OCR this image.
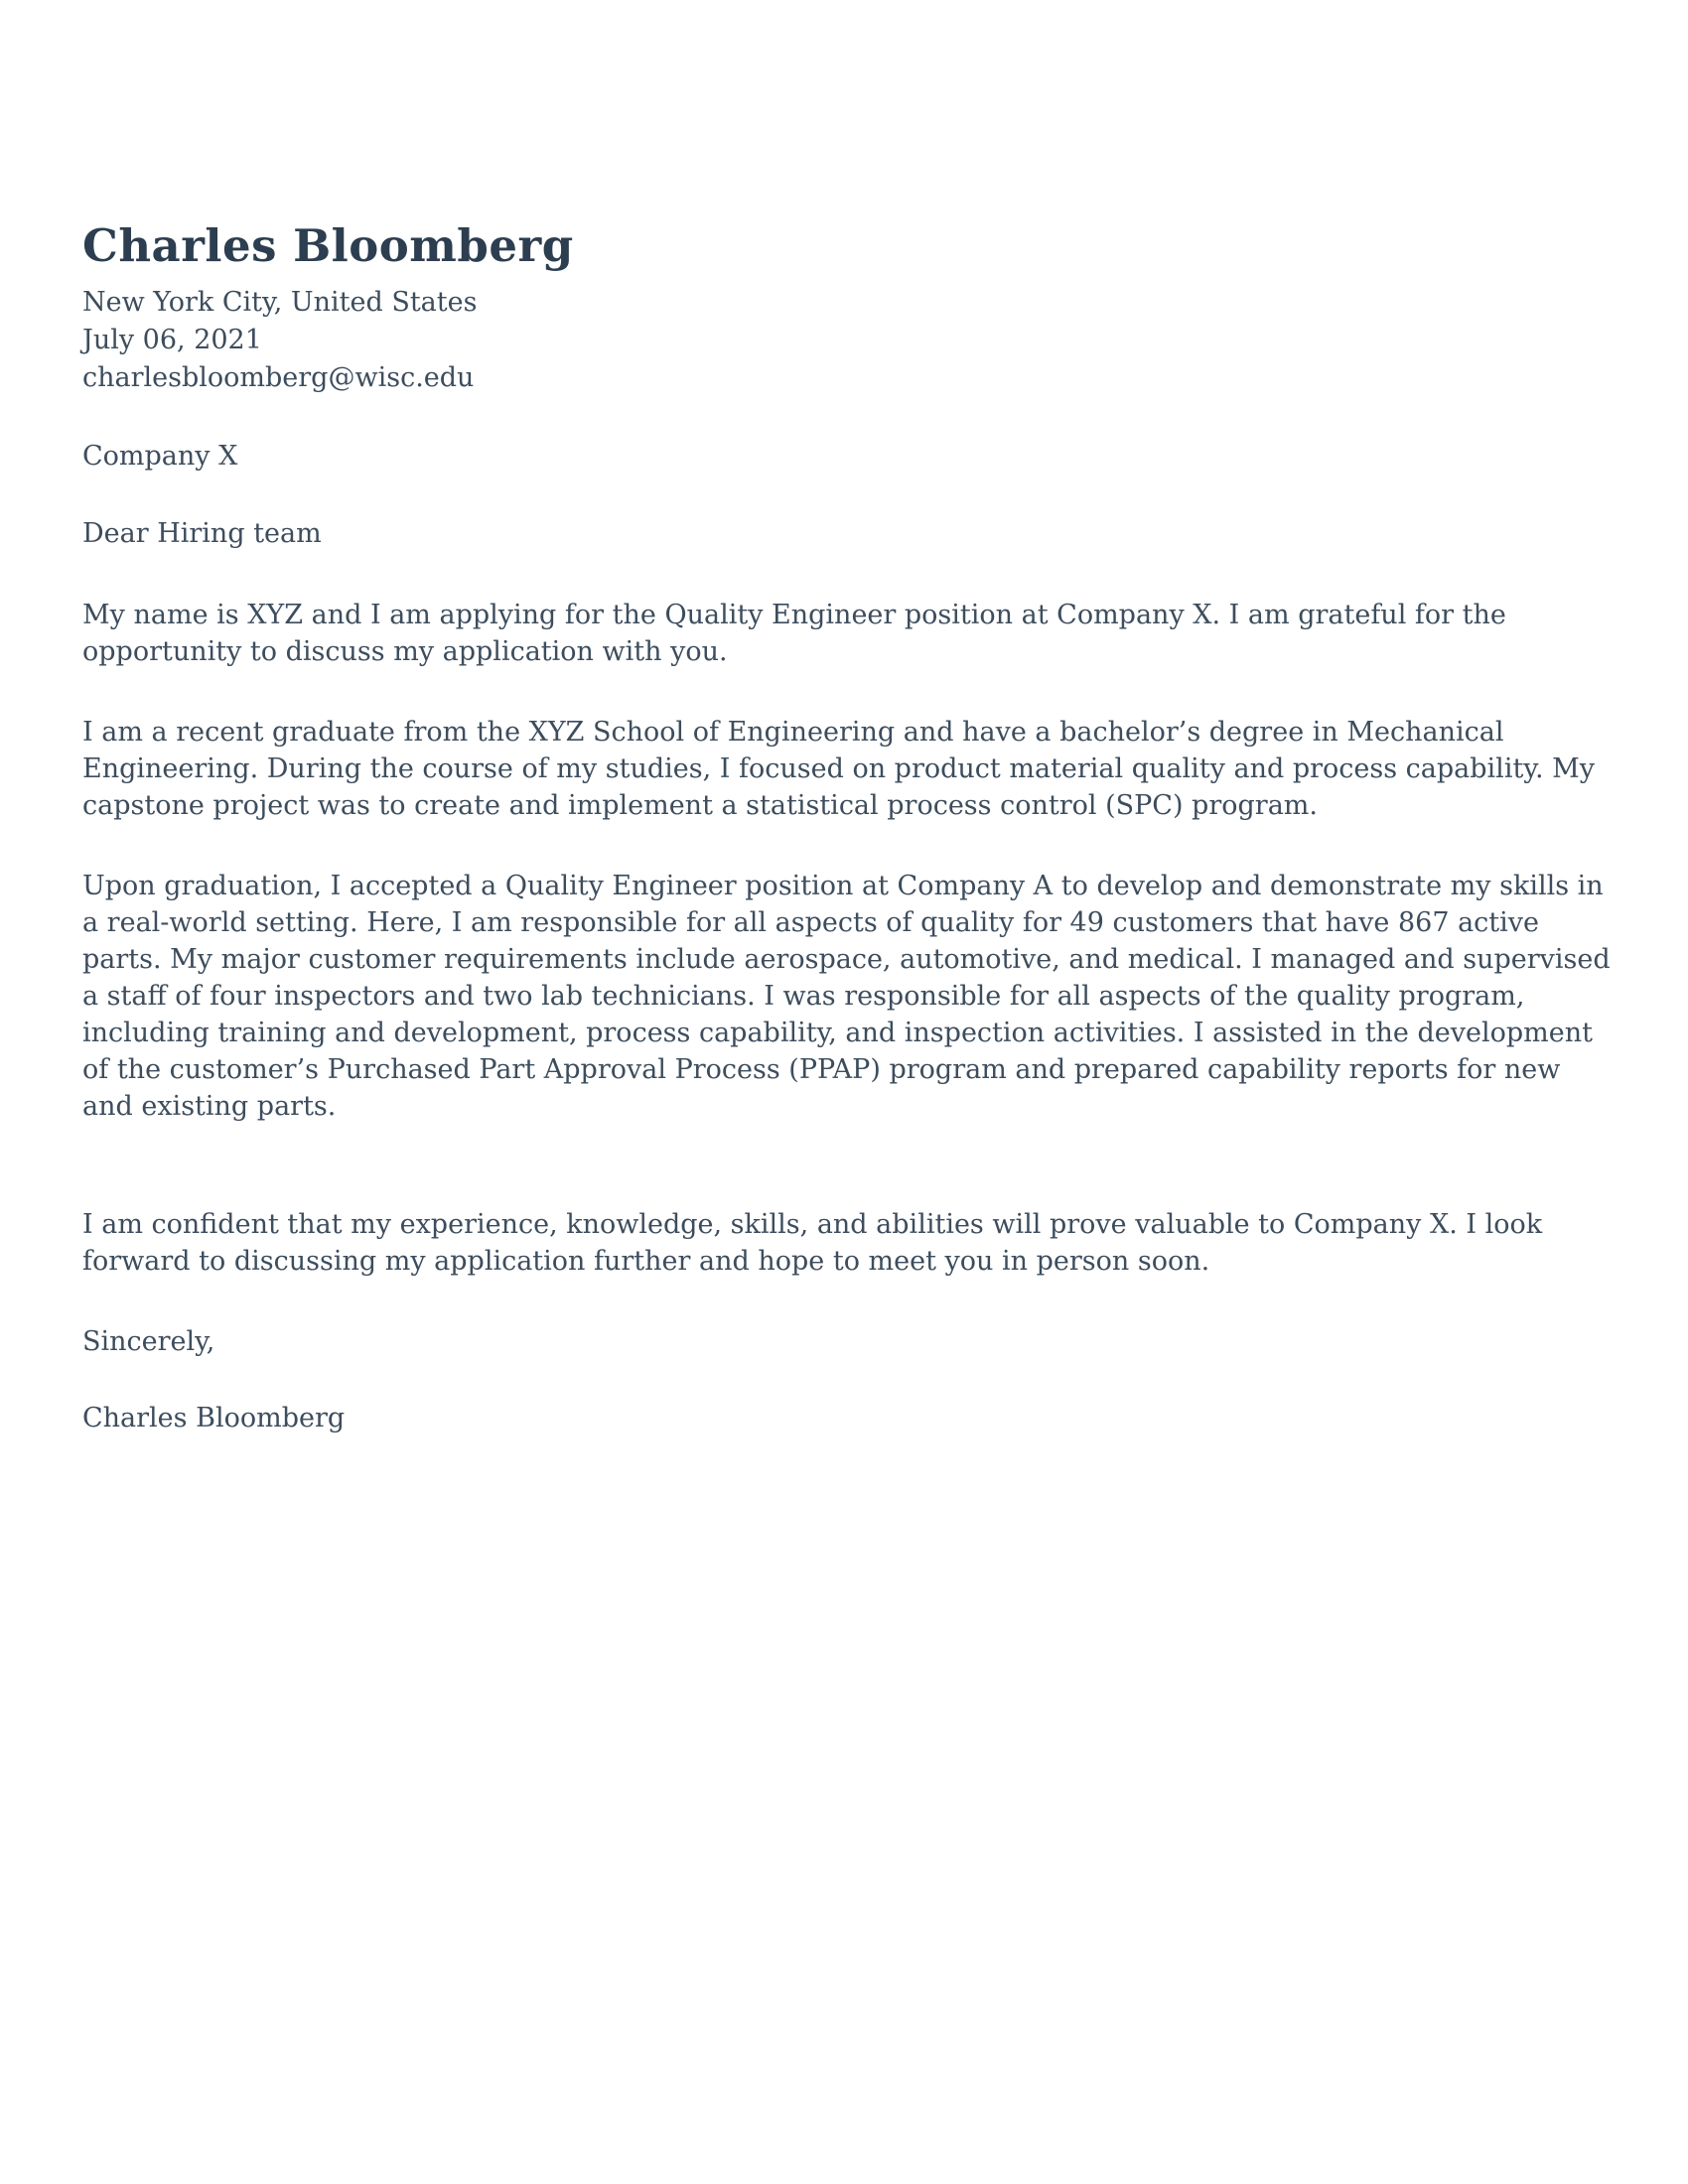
Charles Bloomberg

New York City, United States

July 06, 2021

charlesbloomberg@wisc.edu

Company X

Dear Hiring team

My name is XYZ and I am applying for the Quality Engineer position at Company X. I am grateful for the opportunity to discuss my application with you.

I am a recent graduate from the XYZ School of Engineering and have a bachelor’s degree in Mechanical Engineering. During the course of my studies, I focused on product material quality and process capability. My capstone project was to create and implement a statistical process control (SPC) program.

Upon graduation, I accepted a Quality Engineer position at Company A to develop and demonstrate my skills in a real-world setting. Here, I am responsible for all aspects of quality for 49 customers that have 867 active parts. My major customer requirements include aerospace, automotive, and medical. I managed and supervised a staff of four inspectors and two lab technicians. I was responsible for all aspects of the quality program, including training and development, process capability, and inspection activities. I assisted in the development of the customer’s Purchased Part Approval Process (PPAP) program and prepared capability reports for new and existing parts.

I am confident that my experience, knowledge, skills, and abilities will prove valuable to Company X. I look forward to discussing my application further and hope to meet you in person soon.

Sincerely,

Charles Bloomberg
